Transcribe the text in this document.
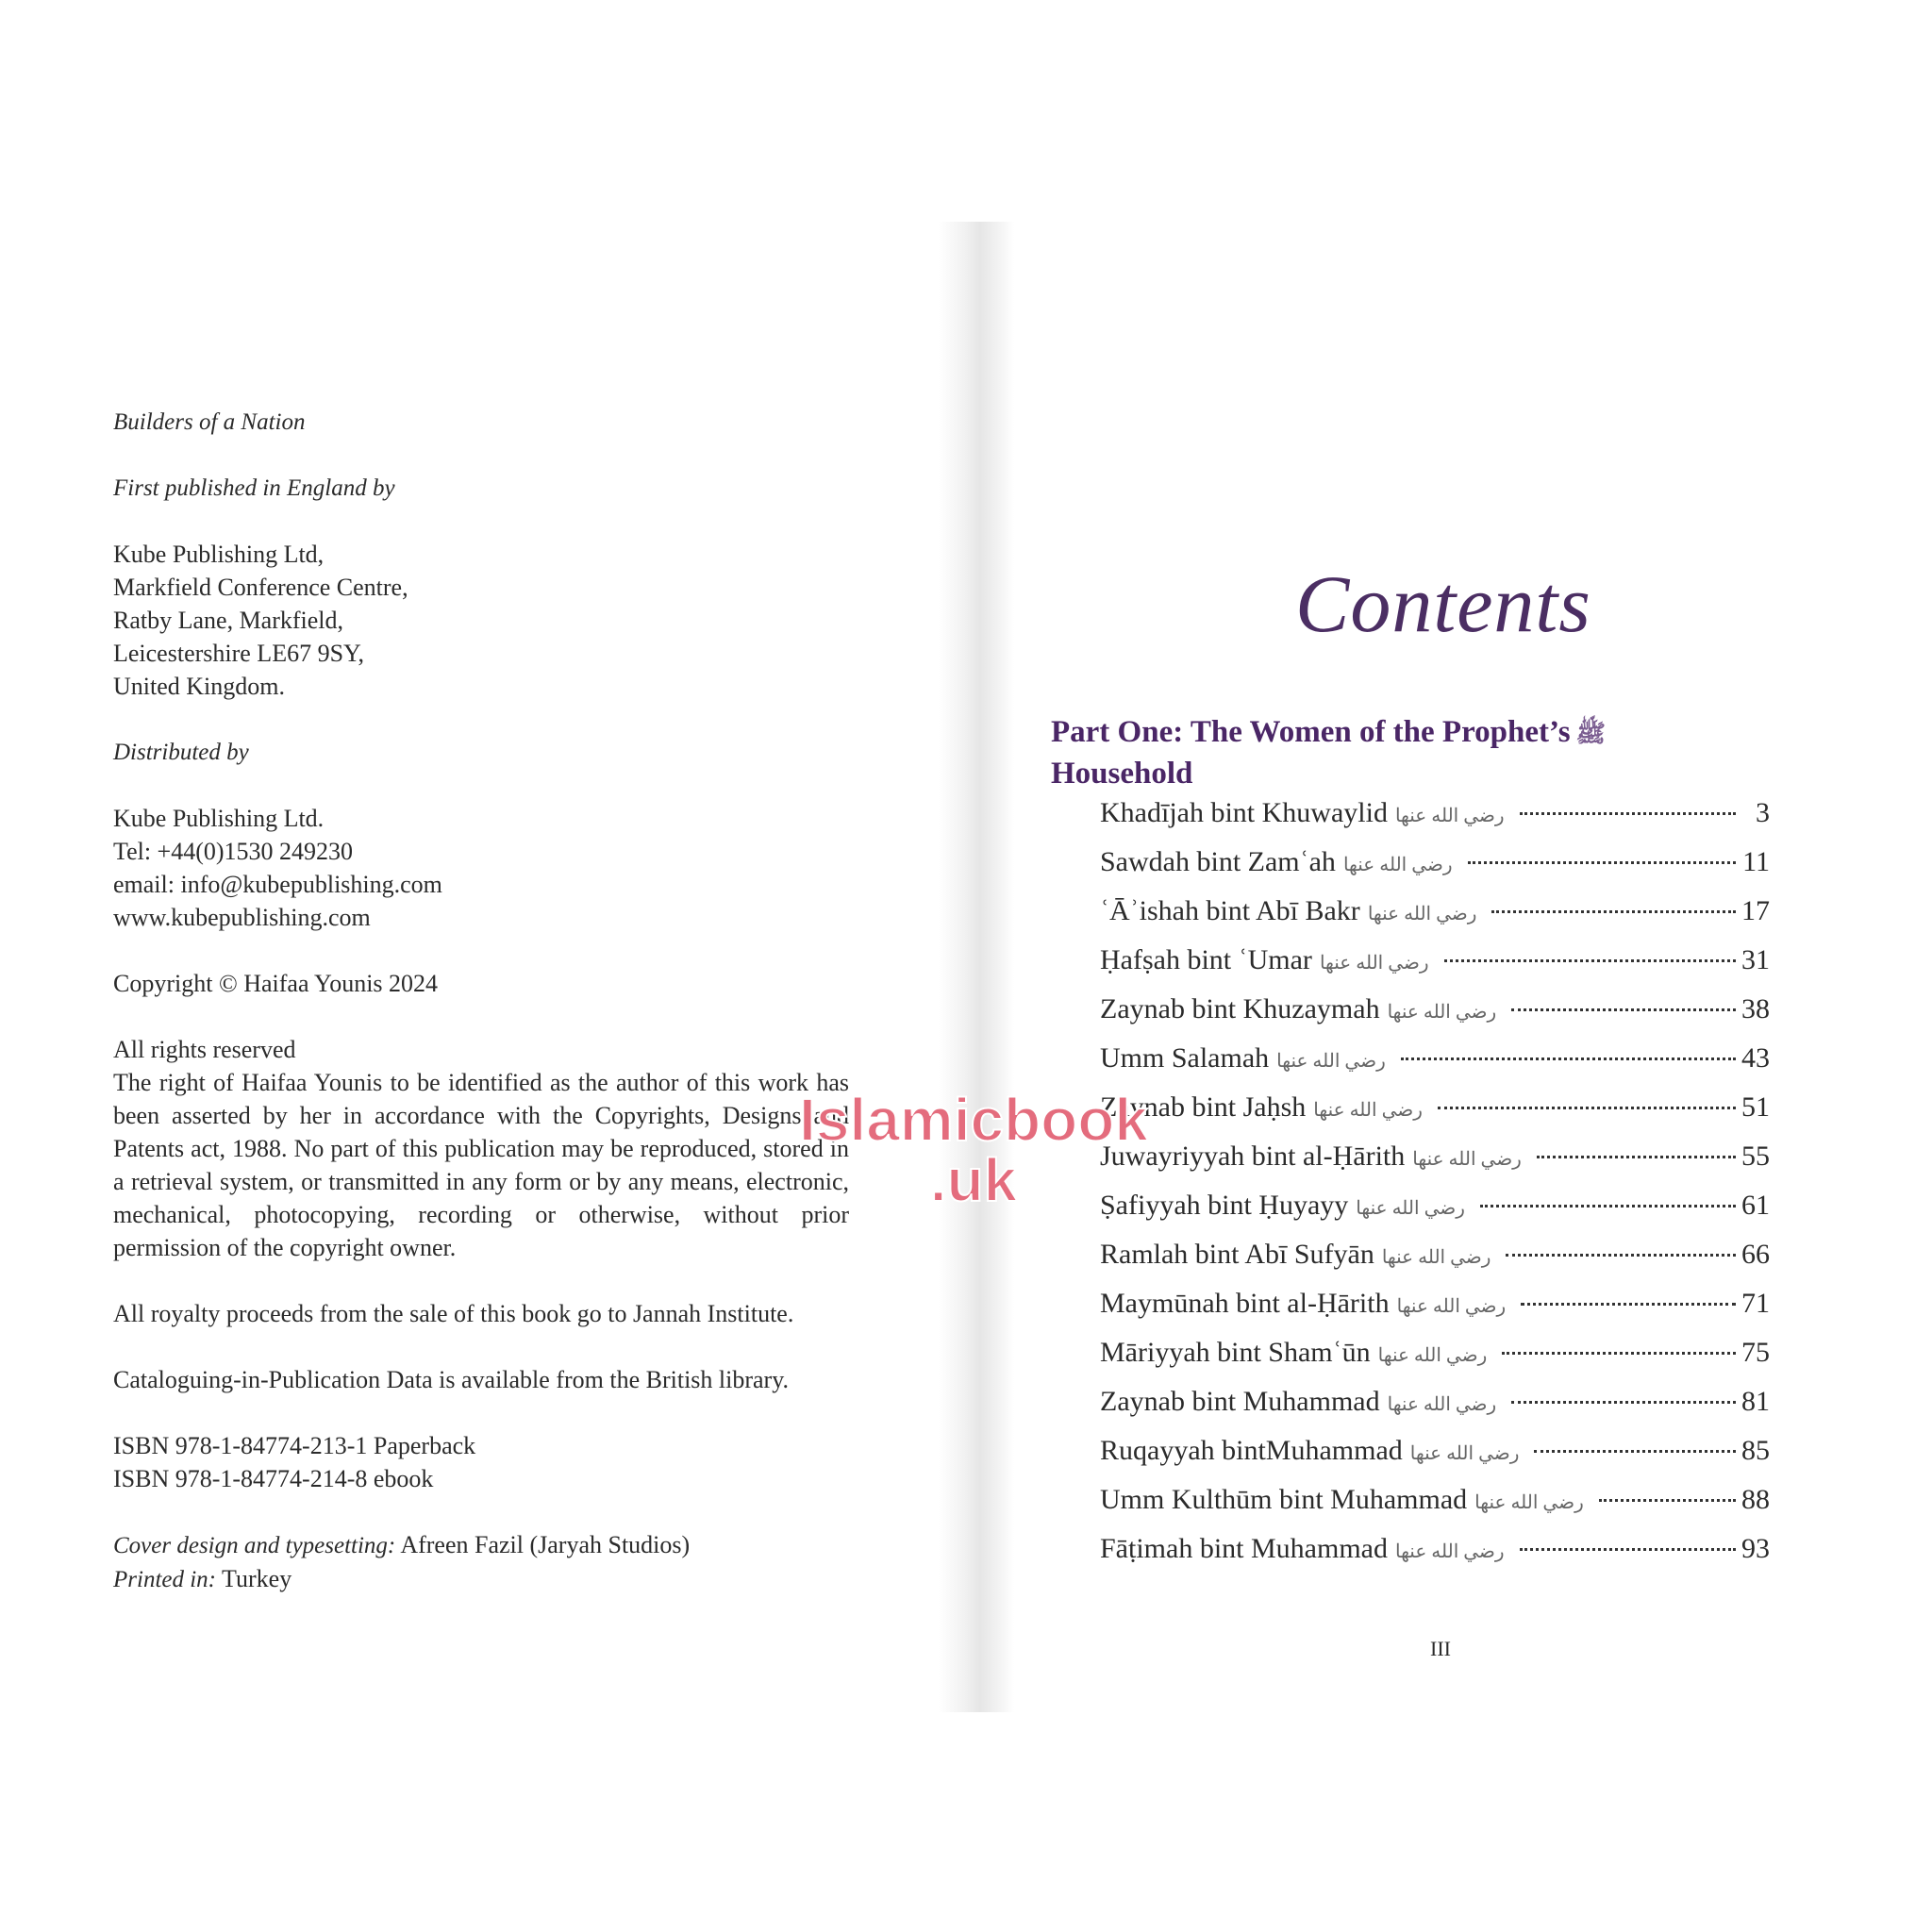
Builders of a Nation

First published in England by

Kube Publishing Ltd,
Markfield Conference Centre,
Ratby Lane, Markfield,
Leicestershire LE67 9SY,
United Kingdom.

Distributed by

Kube Publishing Ltd.
Tel: +44(0)1530 249230
email: info@kubepublishing.com
www.kubepublishing.com

Copyright © Haifaa Younis 2024

All rights reserved
The right of Haifaa Younis to be identified as the author of this work has been asserted by her in accordance with the Copyrights, Designs and Patents act, 1988. No part of this publication may be reproduced, stored in a retrieval system, or transmitted in any form or by any means, electronic, mechanical, photocopying, recording or otherwise, without prior permission of the copyright owner.

All royalty proceeds from the sale of this book go to Jannah Institute.

Cataloguing-in-Publication Data is available from the British library.

ISBN 978-1-84774-213-1 Paperback
ISBN 978-1-84774-214-8 ebook

Cover design and typesetting: Afreen Fazil (Jaryah Studios)
Printed in: Turkey

Contents
Part One: The Women of the Prophet’s ﷺ
Household
Khadījah bint Khuwaylid رضي الله عنها	3
Sawdah bint Zamʿah رضي الله عنها	11
ʿĀʾishah bint Abī Bakr رضي الله عنها	17
Ḥafṣah bint ʿUmar رضي الله عنها	31
Zaynab bint Khuzaymah رضي الله عنها	38
Umm Salamah رضي الله عنها	43
Zaynab bint Jaḥsh رضي الله عنها	51
Juwayriyyah bint al-Ḥārith رضي الله عنها	55
Ṣafiyyah bint Ḥuyayy رضي الله عنها	61
Ramlah bint Abī Sufyān رضي الله عنها	66
Maymūnah bint al-Ḥārith رضي الله عنها	71
Māriyyah bint Shamʿūn رضي الله عنها	75
Zaynab bint Muhammad رضي الله عنها	81
Ruqayyah bintMuhammad رضي الله عنها	85
Umm Kulthūm bint Muhammad رضي الله عنها	88
Fāṭimah bint Muhammad رضي الله عنها	93
III
Islamicbook
.uk
